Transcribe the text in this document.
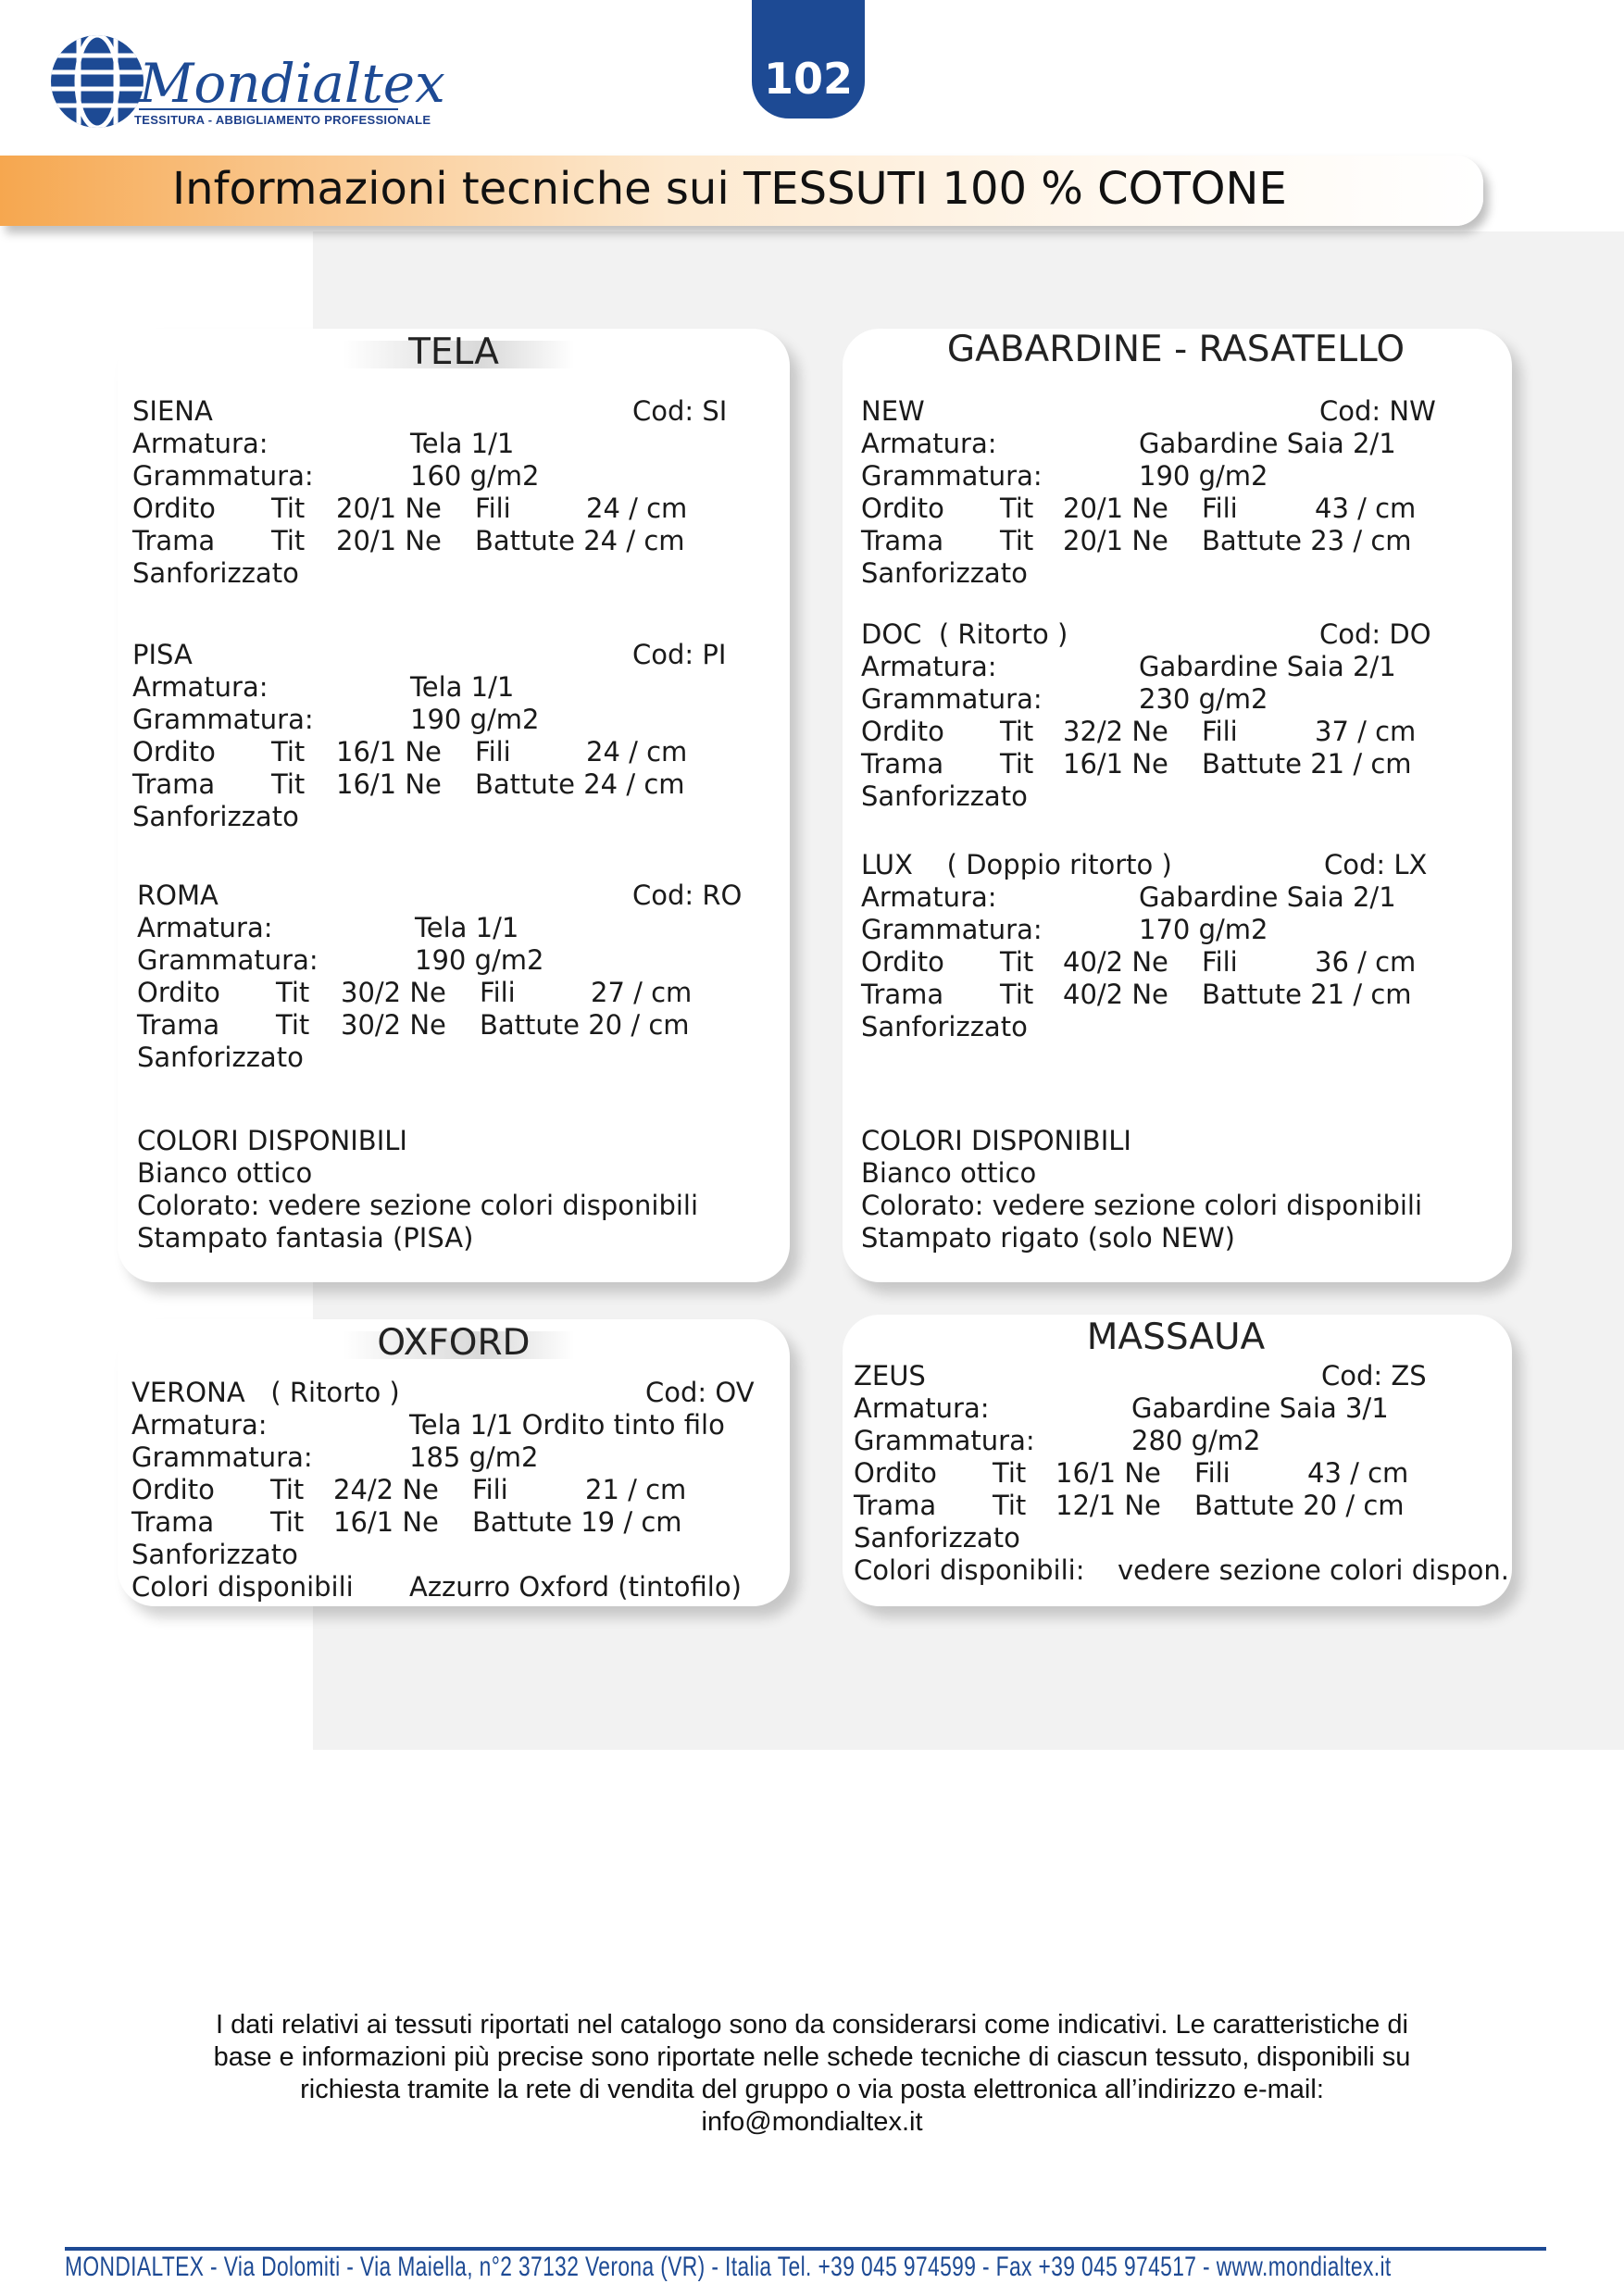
Mondialtex
TESSITURA - ABBIGLIAMENTO PROFESSIONALE
102
Informazioni tecniche sui TESSUTI 100 % COTONE
TELA
SIENA	Cod: SI
Armatura:	Tela 1/1
Grammatura:	160 g/m2
Ordito Tit 20/1 Ne Fili	24 / cm
Trama Tit 20/1 Ne Battute 24 / cm
Sanforizzato
PISA	Cod: PI
Armatura:	Tela 1/1
Grammatura:	190 g/m2
Ordito Tit 16/1 Ne Fili	24 / cm
Trama Tit 16/1 Ne Battute 24 / cm
Sanforizzato
ROMA	Cod: RO
Armatura:	Tela 1/1
Grammatura:	190 g/m2
Ordito Tit 30/2 Ne Fili	27 / cm
Trama Tit 30/2 Ne Battute 20 / cm
Sanforizzato
COLORI DISPONIBILI
Bianco ottico
Colorato: vedere sezione colori disponibili
Stampato fantasia (PISA)
GABARDINE - RASATELLO
NEW	Cod: NW
Armatura:	Gabardine Saia 2/1
Grammatura:	190 g/m2
Ordito Tit 20/1 Ne Fili	43 / cm
Trama Tit 20/1 Ne Battute 23 / cm
Sanforizzato
DOC  ( Ritorto )	Cod: DO
Armatura:	Gabardine Saia 2/1
Grammatura:	230 g/m2
Ordito Tit 32/2 Ne Fili	37 / cm
Trama Tit 16/1 Ne Battute 21 / cm
Sanforizzato
LUX    ( Doppio ritorto )	Cod: LX
Armatura:	Gabardine Saia 2/1
Grammatura:	170 g/m2
Ordito Tit 40/2 Ne Fili	36 / cm
Trama Tit 40/2 Ne Battute 21 / cm
Sanforizzato
COLORI DISPONIBILI
Bianco ottico
Colorato: vedere sezione colori disponibili
Stampato rigato (solo NEW)
OXFORD
VERONA   ( Ritorto )	Cod: OV
Armatura:	Tela 1/1 Ordito tinto filo
Grammatura:	185 g/m2
Ordito Tit 24/2 Ne Fili	21 / cm
Trama Tit 16/1 Ne Battute 19 / cm
Sanforizzato
Colori disponibili Azzurro Oxford (tintofilo)
MASSAUA
ZEUS	Cod: ZS
Armatura:	Gabardine Saia 3/1
Grammatura:	280 g/m2
Ordito Tit 16/1 Ne Fili	43 / cm
Trama Tit 12/1 Ne Battute 20 / cm
Sanforizzato
Colori disponibili: vedere sezione colori dispon.
I dati relativi ai tessuti riportati nel catalogo sono da considerarsi come indicativi. Le caratteristiche di
base e informazioni più precise sono riportate nelle schede tecniche di ciascun tessuto, disponibili su
richiesta tramite la rete di vendita del gruppo o via posta elettronica all’indirizzo e-mail:
info@mondialtex.it
MONDIALTEX - Via Dolomiti - Via Maiella, n°2 37132 Verona (VR) - Italia Tel. +39 045 974599 - Fax +39 045 974517 - www.mondialtex.it
